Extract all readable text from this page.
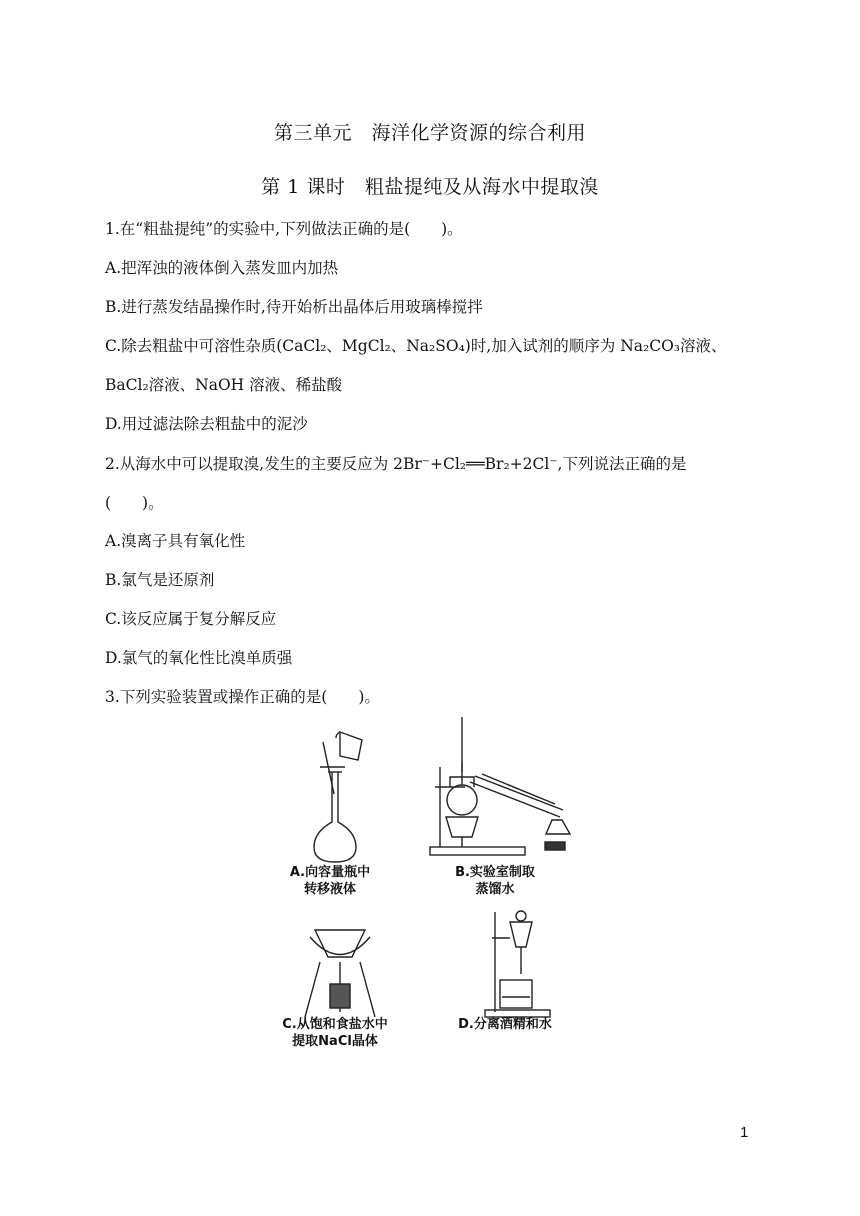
第三单元　海洋化学资源的综合利用
第 1 课时　粗盐提纯及从海水中提取溴
1.在“粗盐提纯”的实验中,下列做法正确的是(　　)。
A.把浑浊的液体倒入蒸发皿内加热
B.进行蒸发结晶操作时,待开始析出晶体后用玻璃棒搅拌
C.除去粗盐中可溶性杂质(CaCl₂、MgCl₂、Na₂SO₄)时,加入试剂的顺序为 Na₂CO₃溶液、
BaCl₂溶液、NaOH 溶液、稀盐酸
D.用过滤法除去粗盐中的泥沙
2.从海水中可以提取溴,发生的主要反应为 2Br⁻+Cl₂══Br₂+2Cl⁻,下列说法正确的是
(　　)。
A.溴离子具有氧化性
B.氯气是还原剂
C.该反应属于复分解反应
D.氯气的氧化性比溴单质强
3.下列实验装置或操作正确的是(　　)。
A.向容量瓶中
转移液体
B.实验室制取
蒸馏水
C.从饱和食盐水中
提取NaCl晶体
D.分离酒精和水
1
